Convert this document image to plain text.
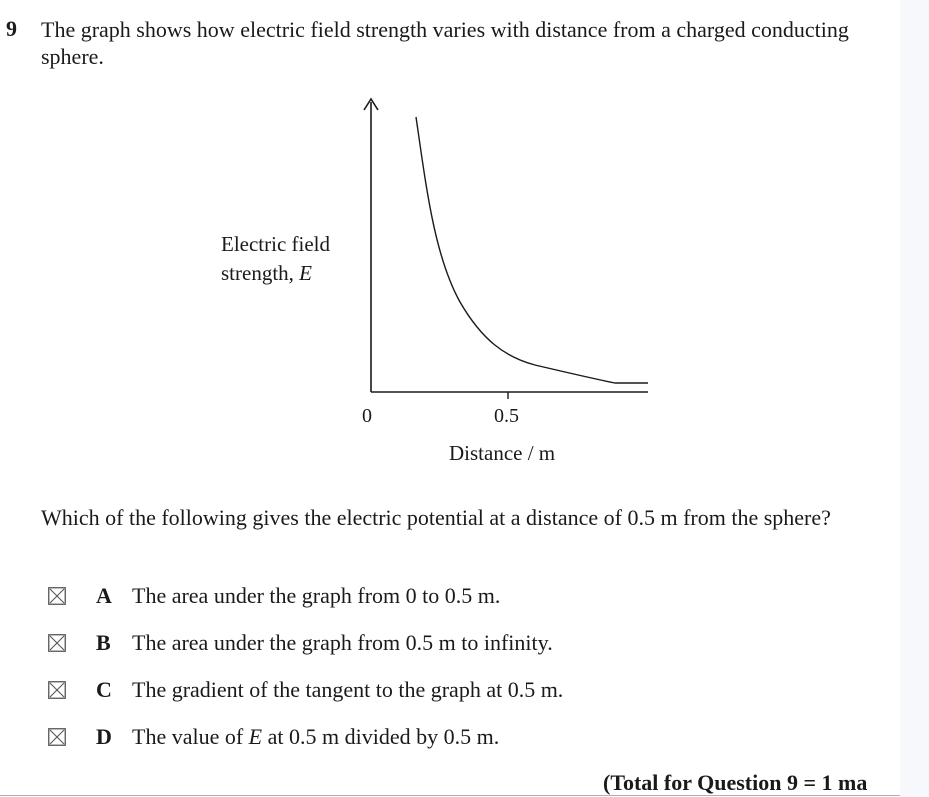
9 The graph shows how electric field strength varies with distance from a charged conducting sphere.
Electric field
strength, E
0	0.5
Distance / m
Which of the following gives the electric potential at a distance of 0.5 m from the sphere?
A The area under the graph from 0 to 0.5 m.
B The area under the graph from 0.5 m to infinity.
C The gradient of the tangent to the graph at 0.5 m.
D The value of E at 0.5 m divided by 0.5 m.
(Total for Question 9 = 1 ma
